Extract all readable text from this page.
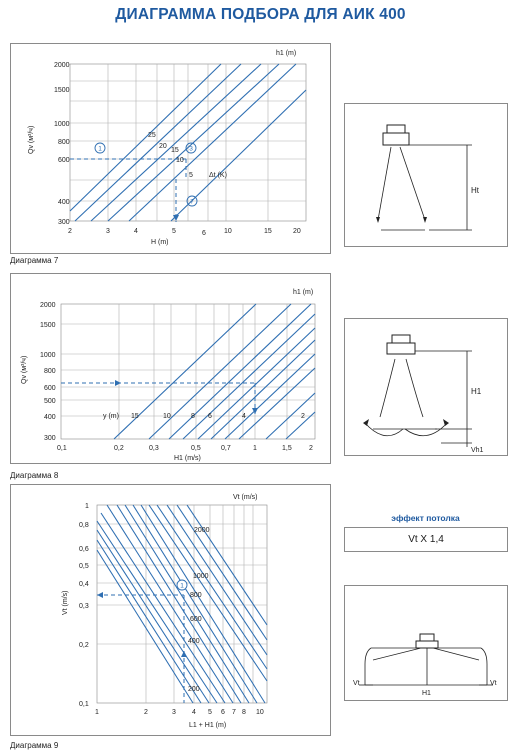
ДИАГРАММА ПОДБОРА ДЛЯ АИК 400
2000
1500
1000
800
600
400
300
2	3	4	5	6	10	15	20
H (m)
h1 (m)
25
20
15
10
5 Δt (K)
Qv (м³/ч)	1	3
7
Диаграмма 7
2000
1500
1000
800
600
500
400
300
0,1	0,2	0,3	0,5	0,7	1	1,5 2
H1 (m/s)
h1 (m)
y (m) 15	10	8 6	4	2
Qv (м³/ч)
Диаграмма 8
1
0,8
0,6
0,5
0,4
0,3
0,2
0,1
1	2	3 4 5 6 7 8 10
L1 + H1 (m)
Vt (m/s)
2000
1000
800
600
400
200
Vt (m/s)
1
Диаграмма 9
Ht
H1
Vh1
эффект потолка
Vt X 1,4
Vt	Vt
H1
